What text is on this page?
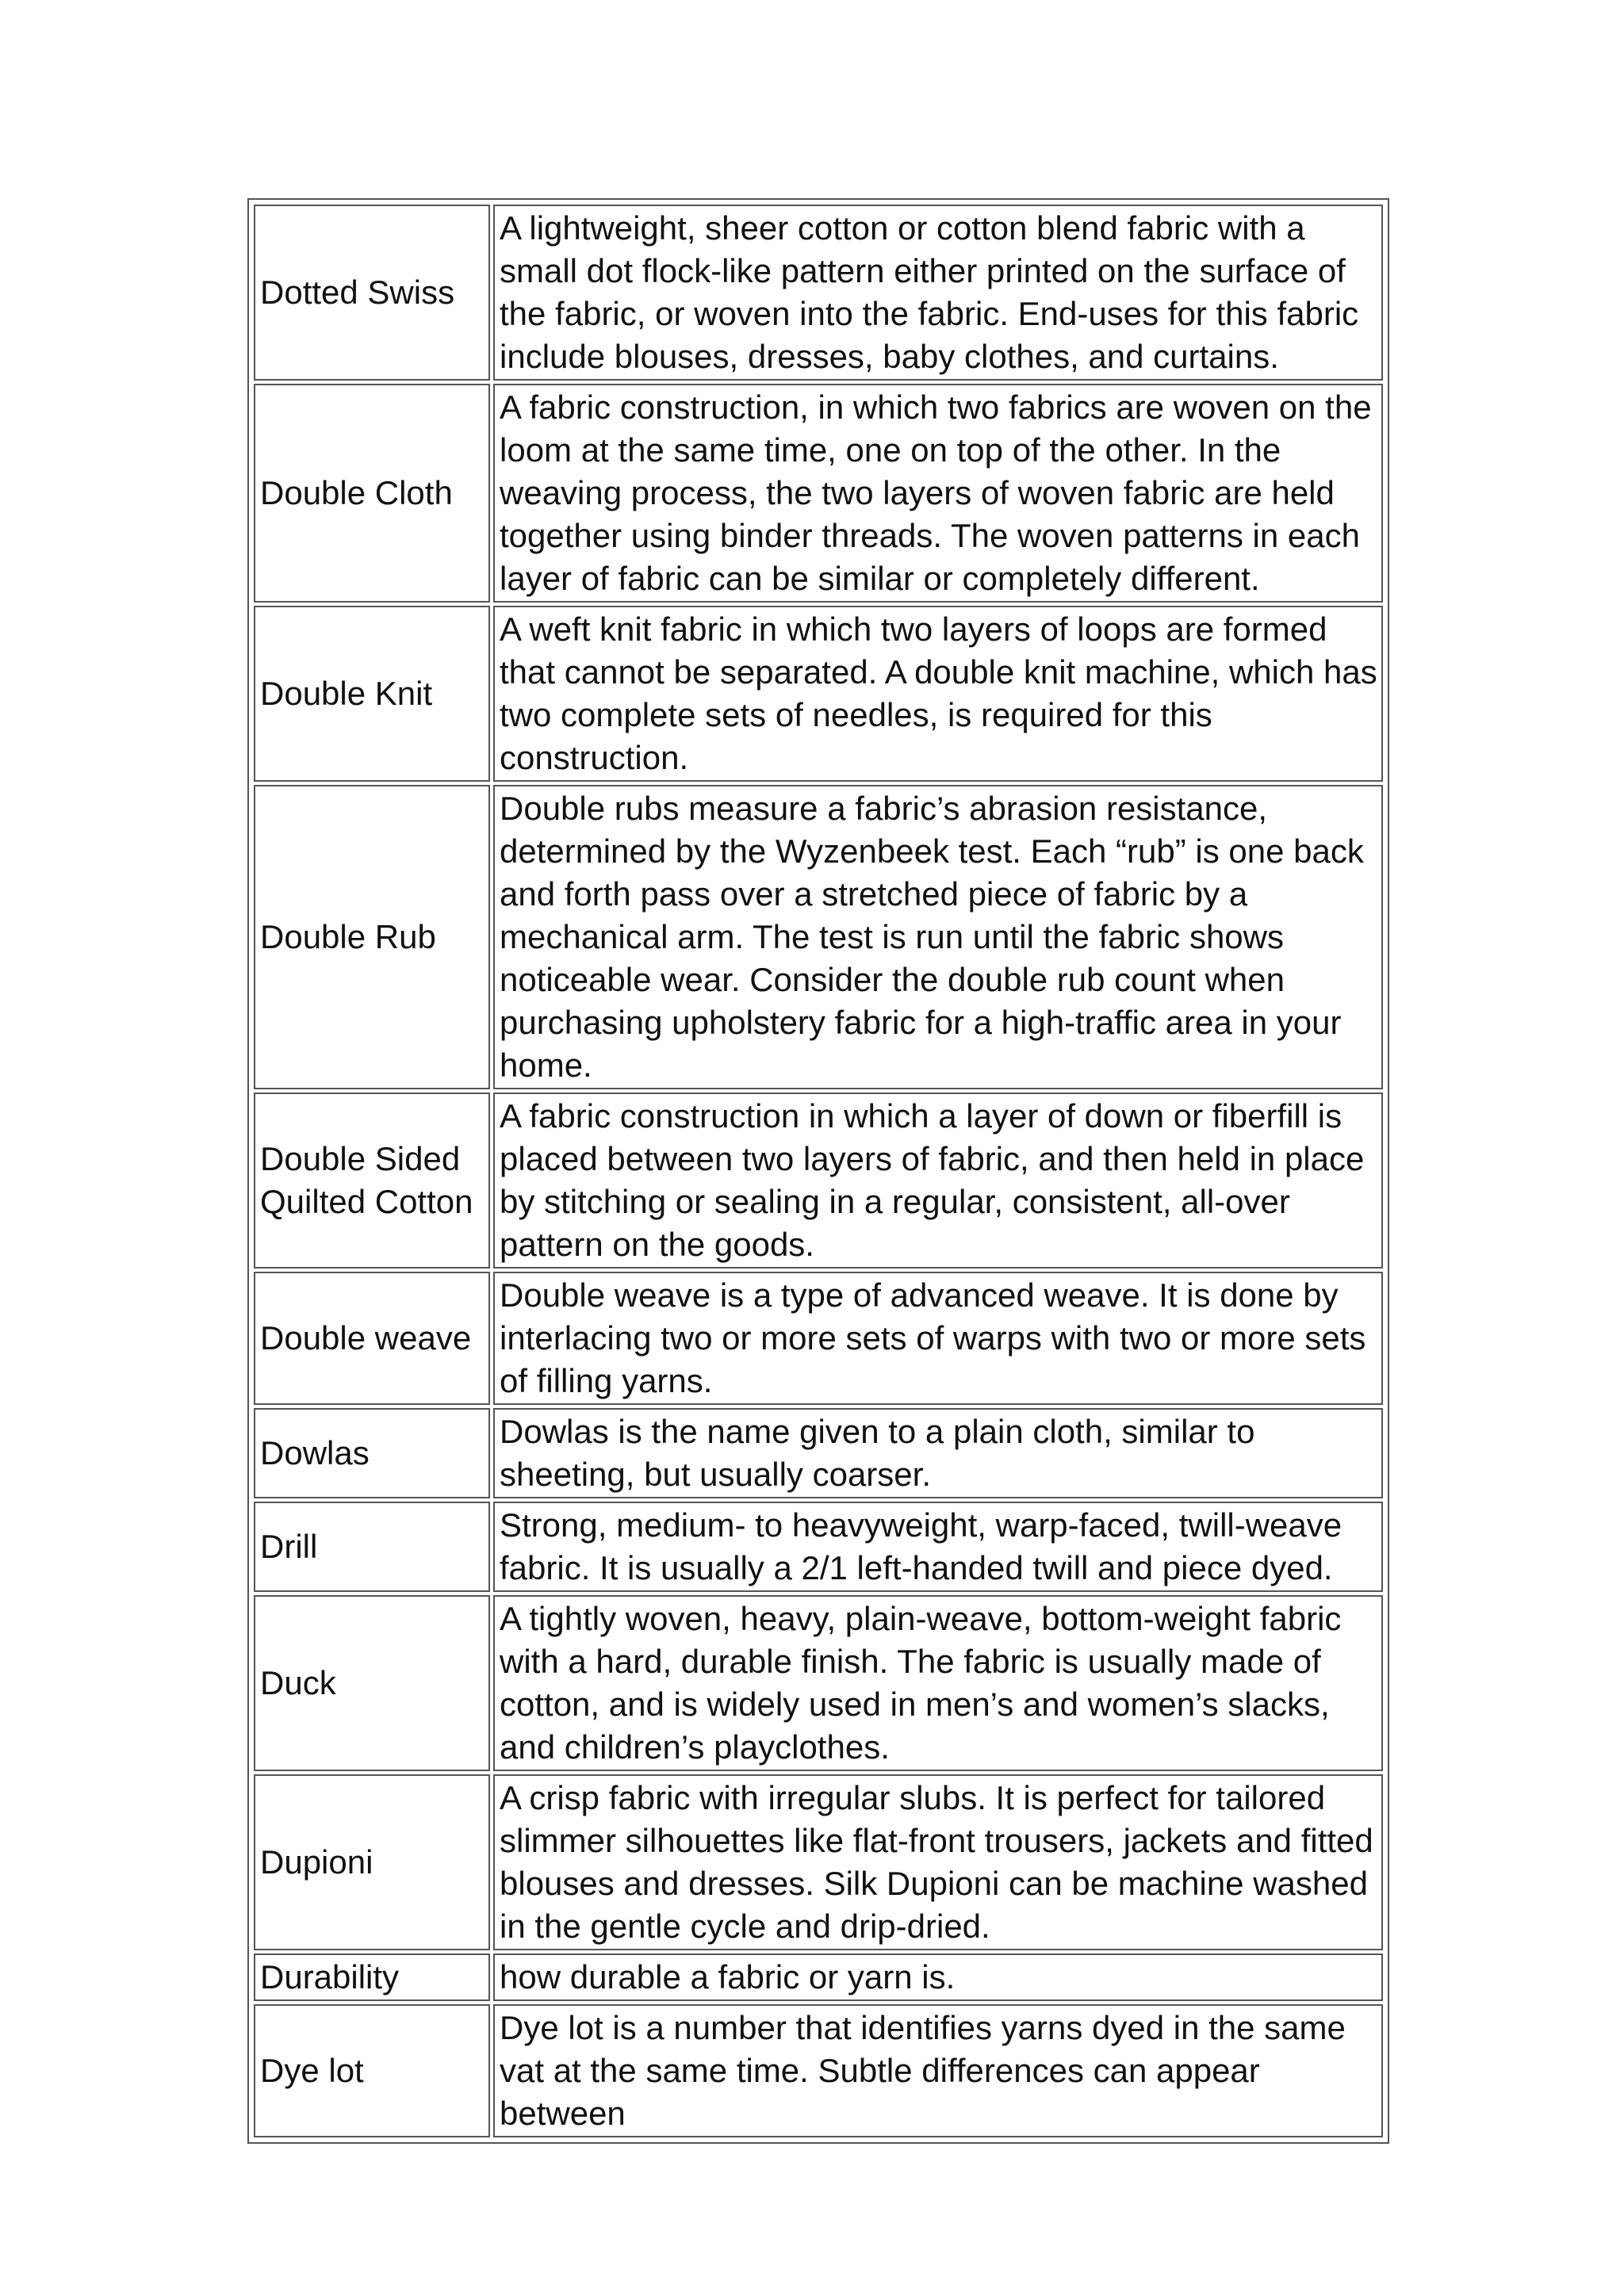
Dotted Swiss	A lightweight, sheer cotton or cotton blend fabric with a small dot flock-like pattern either printed on the surface of the fabric, or woven into the fabric. End-uses for this fabric include blouses, dresses, baby clothes, and curtains.
Double Cloth	A fabric construction, in which two fabrics are woven on the loom at the same time, one on top of the other. In the weaving process, the two layers of woven fabric are held together using binder threads. The woven patterns in each layer of fabric can be similar or completely different.
Double Knit	A weft knit fabric in which two layers of loops are formed that cannot be separated. A double knit machine, which has two complete sets of needles, is required for this construction.
Double Rub	Double rubs measure a fabric’s abrasion resistance, determined by the Wyzenbeek test. Each “rub” is one back and forth pass over a stretched piece of fabric by a mechanical arm. The test is run until the fabric shows noticeable wear. Consider the double rub count when purchasing upholstery fabric for a high-traffic area in your home.
Double Sided Quilted Cotton	A fabric construction in which a layer of down or fiberfill is placed between two layers of fabric, and then held in place by stitching or sealing in a regular, consistent, all-over pattern on the goods.
Double weave	Double weave is a type of advanced weave. It is done by interlacing two or more sets of warps with two or more sets of filling yarns.
Dowlas	Dowlas is the name given to a plain cloth, similar to sheeting, but usually coarser.
Drill	Strong, medium- to heavyweight, warp-faced, twill-weave fabric. It is usually a 2/1 left-handed twill and piece dyed.
Duck	A tightly woven, heavy, plain-weave, bottom-weight fabric with a hard, durable finish. The fabric is usually made of cotton, and is widely used in men’s and women’s slacks, and children’s playclothes.
Dupioni	A crisp fabric with irregular slubs. It is perfect for tailored slimmer silhouettes like flat-front trousers, jackets and fitted blouses and dresses. Silk Dupioni can be machine washed in the gentle cycle and drip-dried.
Durability	how durable a fabric or yarn is.
Dye lot	Dye lot is a number that identifies yarns dyed in the same vat at the same time. Subtle differences can appear between
